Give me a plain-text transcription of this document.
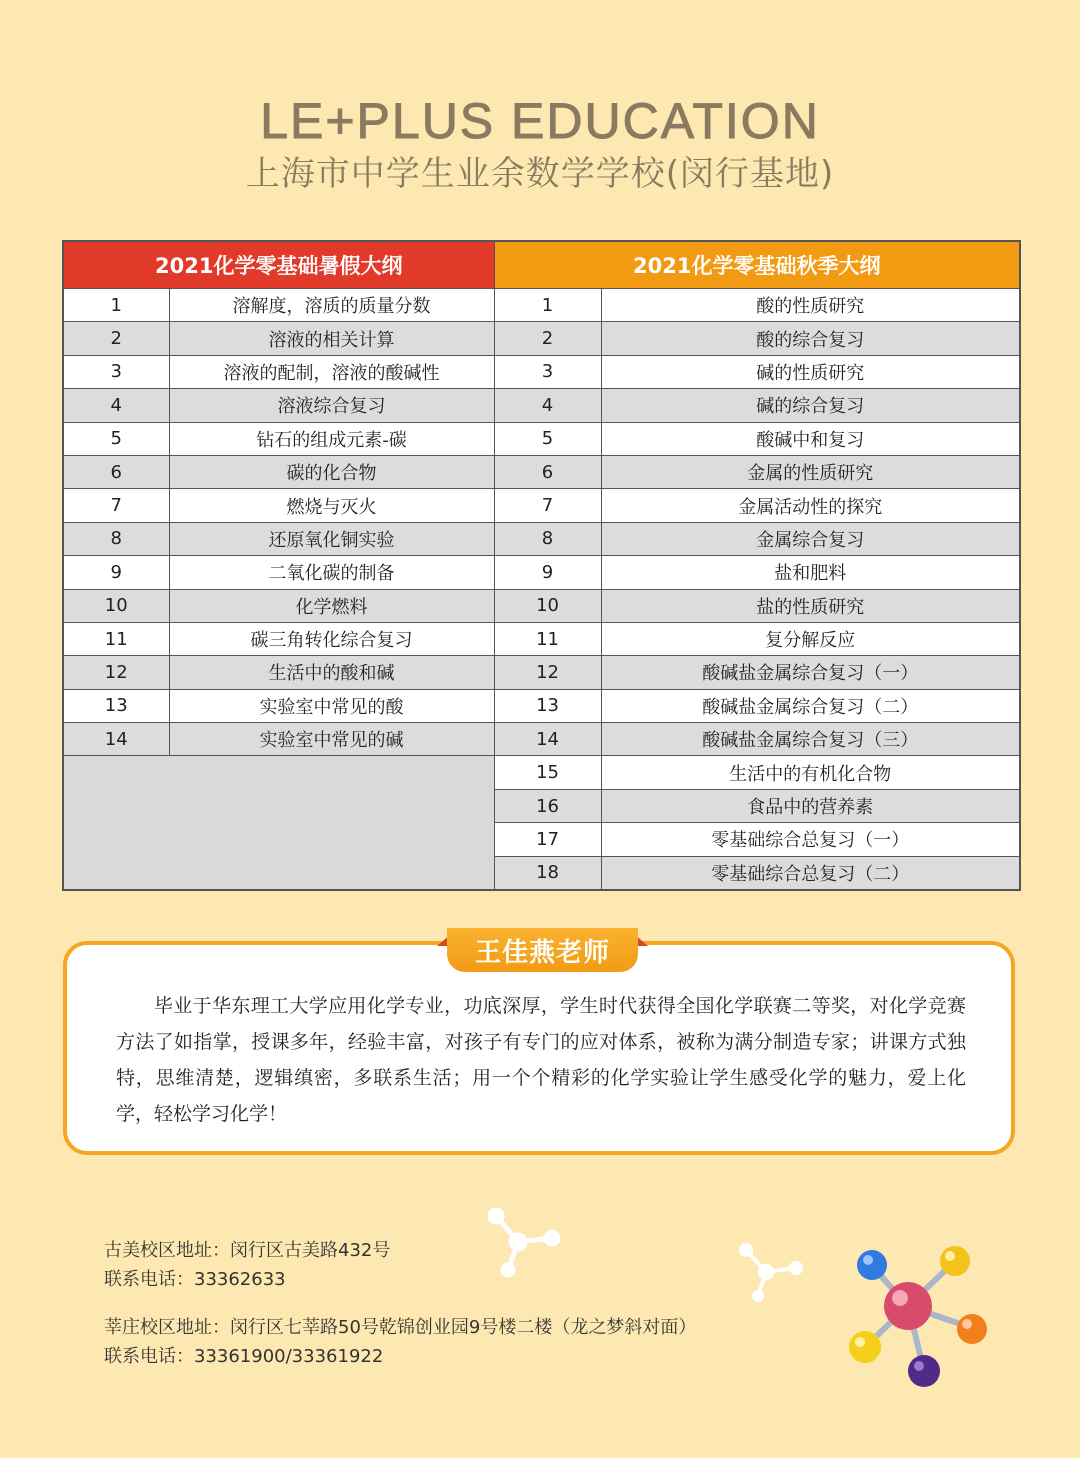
LE+PLUS EDUCATION
上海市中学生业余数学学校(闵行基地)
2021化学零基础暑假大纲		2021化学零基础秋季大纲	
1	溶解度，溶质的质量分数	1	酸的性质研究
2	溶液的相关计算	2	酸的综合复习
3	溶液的配制，溶液的酸碱性	3	碱的性质研究
4	溶液综合复习	4	碱的综合复习
5	钻石的组成元素-碳	5	酸碱中和复习
6	碳的化合物	6	金属的性质研究
7	燃烧与灭火	7	金属活动性的探究
8	还原氧化铜实验	8	金属综合复习
9	二氧化碳的制备	9	盐和肥料
10	化学燃料	10	盐的性质研究
11	碳三角转化综合复习	11	复分解反应
12	生活中的酸和碱	12	酸碱盐金属综合复习（一）
13	实验室中常见的酸	13	酸碱盐金属综合复习（二）
14	实验室中常见的碱	14	酸碱盐金属综合复习（三）
		15	生活中的有机化合物
		16	食品中的营养素
		17	零基础综合总复习（一）
		18	零基础综合总复习（二）
王佳燕老师

毕业于华东理工大学应用化学专业，功底深厚，学生时代获得全国化学联赛二等奖，对化学竞赛方法了如指掌，授课多年，经验丰富，对孩子有专门的应对体系，被称为满分制造专家；讲课方式独特，思维清楚，逻辑缜密，多联系生活；用一个个精彩的化学实验让学生感受化学的魅力，爱上化学，轻松学习化学！

古美校区地址：闵行区古美路432号
联系电话：33362633
莘庄校区地址：闵行区七莘路50号乾锦创业园9号楼二楼（龙之梦斜对面）
联系电话：33361900/33361922
